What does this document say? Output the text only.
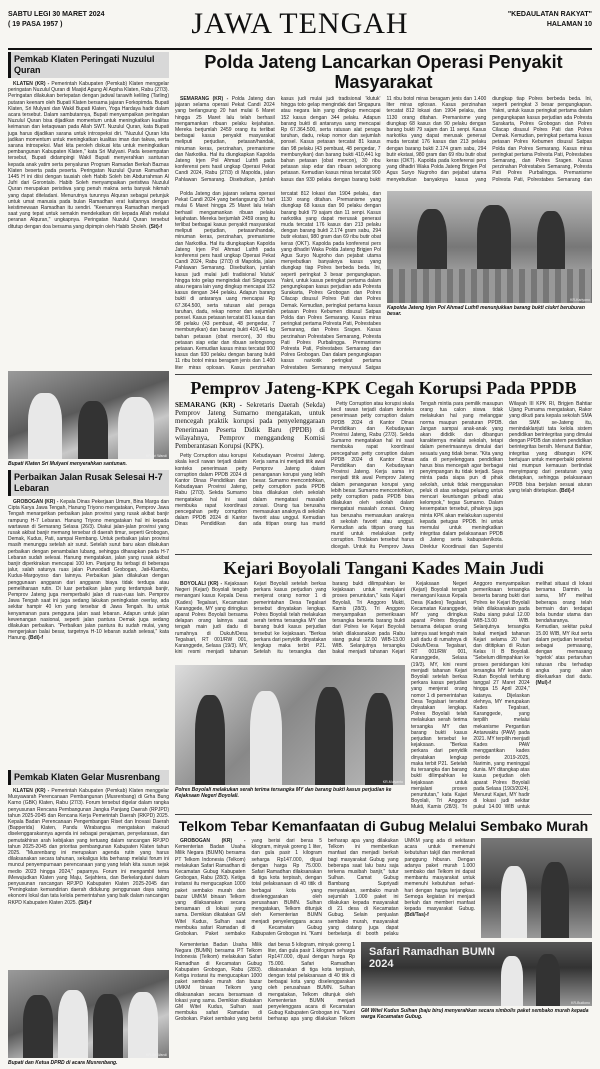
SABTU LEGI 30 MARET 2024
( 19 PASA 1957 )	JAWA TENGAH	"KEDAULATAN RAKYAT"
HALAMAN 10
Pemkab Klaten Peringati Nuzulul Quran

KLATEN (KR) - Pemerintah Kabupaten (Pemkab) Klaten menggelar peringatan Nuzulul Quran di Masjid Agung Al Aqsha Klaten, Rabu (27/3). Peringatan dilakukan bertepatan dengan jadwal tarawih keliling (Tarling) putaran keenam oleh Bupati Klaten bersama jajaran Forkopimda. Bupati Klaten, Sri Mulyani dan Wakil Bupati Klaten, Yoga Hardaya hadir dalam acara tersebut. Dalam sambutannya, Bupati menyampaikan peringatan Nuzulul Quran bisa dijadikan momentum untuk meningkatkan kualitas keimanan dan ketaqwaan pada Allah SWT. Nuzulul Quran, kata Bupati juga harus dijadikan sarana untuk introspeksi diri. "Nuzulul Quran kita jadikan momentum untuk meningkatkan kualitas iman dan takwa, serta sarana introspeksi. Mari kita peroleh diskusi kita untuk meningkatkan pembangunan Kabupaten Klaten," kata Sri Mulyani. Pada kesempatan tersebut, Bupati didampingi Wakil Bupati menyerahkan santunan kepada anak yatim serta penyaluran Program Ramadan Berkah Baznas Klaten beserta pada peserta. Peringatan Nuzulul Quran Ramadhan 1445 H ini diisi dengan tausiah oleh Habib Soleh bin Abdurrahman Al Jufri dari Gorontalo. Habib Soleh menyampaikan peristiwa Nuzulul Quran merupakan peristiwa yang penuh makna serta banyak hikmah yang dapat diteladani. Menurutnya turunnya Alquran sebagai petunjuk untuk umat manusia pada bulan Ramadhan erat kaitannya dengan keistimewaan Ramadhan itu sendiri. "Keenamnya Ramadhan menjadi saat yang tepat untuk semakin mendekatkan diri kepada Allah melalui peranan Alquran," ungkapnya. Peringatan Nuzulul Quran tersebut ditutup dengan doa bersama yang dipimpin oleh Habib Sholeh. (Sit)-f

KR-Sri Wandi
Bupati Klaten Sri Mulyani menyerahkan santunan.
Perbaikan Jalan Rusak Selesai H-7 Lebaran

GROBOGAN (KR) - Kepala Dinas Pekerjaan Umum, Bina Marga dan Cipta Karya Jawa Tengah, Hanung Triyono mengatakan, Pemprov Jawa Tengah menargetkan perbaikan jalan provinsi yang rusak akibat banjir rampung H-7 Lebaran. Hanung Triyono mengatakan hal ini kepada wartawan di Semarang Selasa (26/3). Diakui jalan-jalan provinsi yang rusak akibat banjir memang tersebar di daerah timur, seperti Grobogan, Demak, Kudus, Pati, sampai Rembang. Untuk perbaikan jalan provinsi masih menunggu setelah air surut. Setelah surut baru akan dilakukan perbaikan dengan penambalan lubang, sehingga diharapkan pada H-7 Lebaran sudah selesai. Hanung mengatakan, jalan yang rusak akibat banjir diperkirakan mencapai 100 km. Panjang itu terbagi di beberapa jalur, salah satunya ruas jalan Purwodadi Grobogan, Jati-Klambu, Kudus-Margoyoso dan lainnya. Perbaikan jalan dilakukan dengan penggunaan anggaran dari anggaran biaya tidak terduga atau pemeliharaan rutin. Di luar perbaikan jalan yang terdampak banjir, Pemprov Jateng juga memperbaiki jalan di ruas-ruas lain. Pemprov Jawa Tengah saat ini juga sedang lakukan peningkatan overlay, ada sekitar hampir 40 km yang tersebar di Jawa Tengah. Itu untuk kenyamanan para pengguna jalan saat lebaran. Adapun untuk jalan kewenangan nasional, seperti jalan pantura Demak juga sedang dilakukan perbaikan. "Perbaikan jalan pantura itu sudah mulai, yang mengerjakan balai besar, targetnya H-10 lebaran sudah selesai," kata Hanung. (Bdi)-f

Pemkab Klaten Gelar Musrenbang

KLATEN (KR) - Pemerintah Kabupaten (Pemkab) Klaten menggelar Musyawarah Perencanaan Pembangunan (Musrenbang) di Grha Bung Karno (GBK) Klaten, Rabu (27/3). Forum tersebut digelar dalam rangka penyusunan Rencana Pembangunan Jangka Panjang Daerah (RPJPD) tahun 2025-2045 dan Rencana Kerja Pemerintah Daerah (RKPD) 2025. Kepala Badan Perencanaan Pengembangan Riset dan Inovasi Daerah (Bapperida) Klaten, Pandu Wirabangsa mengatakan maksud diselenggarakannya agenda ini sebagai penajaman, penyelarasan, dan pemutakhiran arah kebijakan yang tertuang dalam rancangan RPJPD tahun 2025-2045 dan prioritas pembangunan Kabupaten Klaten tahun 2025. "Musrenbang ini merupakan agenda rutin yang harus dilaksanakan secara tahunan, sekaligus kita berharap melalui forum ini muncul penyempurnaan perencanaan yang yang telah kita susun sejak medio 2023 hingga 2024," paparnya. Forum ini mengambil tema iMewujudkan Klaten yang Maju, Sejahtera, dan Berkelanjutani dalam penyusunan rancangan RPJPD Kabupaten Klaten 2025-2045 dan "Peningkatan kemandirian daerah didukung penggunaan daya saing ekonomi lokal dan tata kelola pemerintahan yang baik dalam rancangan RKPD Kabupaten Klaten 2025. (Sit)-f

KR-Sri Wandi
Bupati dan Ketua DPRD di acara Musrenbang.
Polda Jateng Lancarkan Operasi Penyakit Masyarakat

SEMARANG (KR) - Polda Jateng dan jajaran selama operasi Pekat Candi 2024 yang berlangsung 20 hari mulai 6 Maret hingga 25 Maret lalu telah berhasil mengamankan ribuan pelaku kejahatan. Mereka berjumlah 2459 orang itu terlibat berbagai kasus penyakit masyarakat meliputi perjudian, petasan/handak, minuman keras, perzinahan, premanisme dan Narkotika. Hal itu diungkapkan Kapolda Jateng Irjen Pol Ahmad Luthfi pada konferensi pers hasil ungkap Operasi Pekat Candi 2024, Rabu (27/3) di Mapolda, jalan Pahlawan Semarang. Disebutkan, jumlah kasus judi mulai judi tradisional 'klutuk' hingga toto gelap mengindak dari Singapura atau negara lain yang dingkup mencapai 152 kasus dengan 344 pelaku. Adapun barang bukti di antaranya uang mencapai Rp 67.364.500, serta ratusan alat peraga taruhan, dadu, rekap nomor dan sejumlah ponsel. Kasus petasan tercatat 81 kasus dan 98 pelaku (43 pembuat, 48 pengedar, 7 membunyikan) dan barang bukti 410,441 kg bahan petasan (obat mercon), 30 ribu petasan siap edar dan ribuan selongsong petasan. Kemudian kasus miras tercatat 900 kasus dan 930 pelaku dengan barang bukti 11 ribu botol miras beragam jenis dan 1.400 liter miras oplosan. Kasus perzinahan tercatat 812 lokasi dan 1904 pelaku, dan 1130 orang ditahan. Premanisme yang diungkap 68 kasus dan 90 pelaku dengan barang bukti 79 sajam dan 11 senpi. Kasus narkotika yang dapat merusak generasi muda tercatat 176 kasus dan 213 pelaku dengan barang bukti 2.174 gram sabu, 294 butir ekstasi, 980 gram dan 69 ribu butir obat keras (OKT). Kapolda pada konferensi pers yang dihadiri Waka Polda Jateng Brigjen Pol Agus Suryo Nugroho dan pejabat utama menyebutkan banyaknya kasus yang diungkap tiap Polres berbeda beda. Ini, seperti peringkat 3 besar pengungkapan. Yakni, untuk kasus peringkat pertama dalam pengungkapan kasus perjudian ada Polresta Surakarta, Polres Grobogan dan Polres Cilacap disusul Polres Pati dan Polres Demak. Kemudian, peringkat pertama kasus petasan Polres Kebumen disusul Satpas Polda dan Polres Semarang. Kasus miras peringkat pertama Polresta Pati, Polrestabes Semarang, dan Polres Sragen. Kasus perzinahan Polrestabes Semarang, Polresta Pati Polres Purbalingga. Premanisme Polresta Pati, Polrestabes Semarang dan

Polda Jateng dan jajaran selama operasi Pekat Candi 2024 yang berlangsung 20 hari mulai 6 Maret hingga 25 Maret lalu telah berhasil mengamankan ribuan pelaku kejahatan. Mereka berjumlah 2459 orang itu terlibat berbagai kasus penyakit masyarakat meliputi perjudian, petasan/handak, minuman keras, perzinahan, premanisme dan Narkotika. Hal itu diungkapkan Kapolda Jateng Irjen Pol Ahmad Luthfi pada konferensi pers hasil ungkap Operasi Pekat Candi 2024, Rabu (27/3) di Mapolda, jalan Pahlawan Semarang. Disebutkan, jumlah kasus judi mulai judi tradisional 'klutuk' hingga toto gelap mengindak dari Singapura atau negara lain yang dingkup mencapai 152 kasus dengan 344 pelaku. Adapun barang bukti di antaranya uang mencapai Rp 67.364.500, serta ratusan alat peraga taruhan, dadu, rekap nomor dan sejumlah ponsel. Kasus petasan tercatat 81 kasus dan 98 pelaku (43 pembuat, 48 pengedar, 7 membunyikan) dan barang bukti 410,441 kg bahan petasan (obat mercon), 30 ribu petasan siap edar dan ribuan selongsong petasan. Kemudian kasus miras tercatat 900 kasus dan 930 pelaku dengan barang bukti 11 ribu botol miras beragam jenis dan 1.400 liter miras oplosan. Kasus perzinahan tercatat 812 lokasi dan 1904 pelaku, dan 1130 orang ditahan. Premanisme yang diungkap 68 kasus dan 90 pelaku dengan barang bukti 79 sajam dan 11 senpi. Kasus narkotika yang dapat merusak generasi muda tercatat 176 kasus dan 213 pelaku dengan barang bukti 2.174 gram sabu, 294 butir ekstasi, 980 gram dan 69 ribu butir obat keras (OKT). Kapolda pada konferensi pers yang dihadiri Waka Polda Jateng Brigjen Pol Agus Suryo Nugroho dan pejabat utama menyebutkan banyaknya kasus yang diungkap tiap Polres berbeda beda. Ini, seperti peringkat 3 besar pengungkapan. Yakni, untuk kasus peringkat pertama dalam pengungkapan kasus perjudian ada Polresta Surakarta, Polres Grobogan dan Polres Cilacap disusul Polres Pati dan Polres Demak. Kemudian, peringkat pertama kasus petasan Polres Kebumen disusul Satpas Polda dan Polres Semarang. Kasus miras peringkat pertama Polresta Pati, Polrestabes Semarang, dan Polres Sragen. Kasus perzinahan Polrestabes Semarang, Polresta Pati Polres Purbalingga. Premanisme Polresta Pati, Polrestabes Semarang dan Polres Grobogan. Dan dalam pengungkapan kasus narkotik peringkat pertama Polrestabes Semarang menyusul Satgas

KR-Kariyono
Kapolda Jateng Irjen Pol Ahmad Luthfi menunjukkan barang bukti ciukrt beruburan besar.
Pemprov Jateng-KPK Cegah Korupsi Pada PPDB
SEMARANG (KR) - Sekretaris Daerah (Sekda) Pemprov Jateng Sumarno mengatakan, untuk mencegah praktik korupsi pada penyelenggaraan Penerimaan Peserta Didik Baru (PPDB) di wilayahnya, Pemprov menggandeng Komisi Pemberantasan Korupsi (KPK).

Petty Corruption atau korupsi skala kecil rawan terjadi dalam konteks penerimaan petty corruption dalam PPDB 2024 di Kantor Dinas Pendidikan dan Kebudayaan Provinsi Jateng, Rabu (27/3). Sekda Sumarno mengatakan hal ini saat membuka rapat koordinasi pencegahan petty corruption dalam PPDB 2024 di Kantor Dinas Pendidikan dan Kebudayaan Provinsi Jateng. Kerja sama ini menjadi titik awal Pemprov Jateng dalam penanganan korupsi yang lebih besar. Sumarno mencontohkan, petty corruption pada PPDB bisa dilakukan oleh sekolah dalam mengatasi masalah zonasi. Orang tua berusaha memasukan anaknya di sekolah favorit atau unggul. Kemudian ada titipan orang tua murid

Petty Corruption atau korupsi skala kecil rawan terjadi dalam konteks penerimaan petty corruption dalam PPDB 2024 di Kantor Dinas Pendidikan dan Kebudayaan Provinsi Jateng, Rabu (27/3). Sekda Sumarno mengatakan hal ini saat membuka rapat koordinasi pencegahan petty corruption dalam PPDB 2024 di Kantor Dinas Pendidikan dan Kebudayaan Provinsi Jateng. Kerja sama ini menjadi titik awal Pemprov Jateng dalam penanganan korupsi yang lebih besar. Sumarno mencontohkan, petty corruption pada PPDB bisa dilakukan oleh sekolah dalam mengatasi masalah zonasi. Orang tua berusaha memasukan anaknya di sekolah favorit atau unggul. Kemudian ada titipan orang tua murid untuk melakukan petty corruption. Tindakan tersebut harus dicegah. Untuk itu Pemprov Jawa Tengah mintia para pemilik masupun orang tua calon siswa tidak melakukan hal yang melanggar norma maupun peraturan PPDB. Jangan sampai anak-anak yang akan dididik dan dibangun karakternya melalui sekolah, tetapi dalam penerimaannya dimulai dari sesuatu yang tidak benar. "Kita yang ada di penyelenggara pendidikan harus bisa mencegah agar berbagai penyimpangan itu tidak terjadi. Saya minta pada siapa pun di pihak sekolah, untuk tidak menggunakan peluk di atas sebagai peluang untuk mencari keuntungan pribadi atau kelompok," tegas Sumarno. Dalam kesempatan tersebut, pihaknya juga minta KPK akan melakukan supervisi kepada petugas PPDB. Ini untuk memulai untuk meningkatkan integritas dalam pelaksanaan PPDB di Jateng serta kabupaten/kota. Direktur Koordinasi dan Supervisi Wilayah III KPK RI, Brigjen Bahtiar Ujang Purnama mengatakan, Rakor yang dikuti para kepala sekolah SMA dan SMK se-Jateng itu, menindaklanjuti tata kelola sistem pendidikan berintegritas yang dimulai dengan PPDB dan sistem pendidikan berintegritas bersih. Menurut Bahtiar, integritas yang dibangun KPK bertujuan untuk memperbaiki potensi niat mumpun kemauan bertindak menyimpang dari peraturan yang ditetapkan, sehingga pelaksanaan PPDB bisa berjalan sesuai aturan yang telah ditetapkan. (Bdi)-f

Kejari Boyolali Tangani Kades Main Judi

BOYOLALI (KR) - Kejaksaan Negeri (Kejari) Boyolali tengah menangani kasus Kepala Desa (Kades) Tegalsari, Kecamatan Karanggede, MY yang diringkus aparat Polres Boyolali bersama delapan orang lainnya saat tengah main judi dadu di rumahnya di Dukuh/Desa Tegalsari, RT 001/RW 001, Karanggede, Selasa (19/3). MY, kini resmi menjadi tahanan Kejari Boyolali setelah berkas perkara kasus perjudian yang menjerat orang nomor 1 di pemerintahan Desa Tegalsari tersebut dinyatakan lengkap. Polres Boyolali telah melakukan serah terima tersangka MY dan barang bukti kasus perjudian tersebut ke kejaksaan. "Berkas perkara dari penyidik dinyatakan lengkap maka terbit P21. Setelah itu tersangka dan barang bukti dilimpahkan ke kejaksaan untuk menjalani proses penuntutan," kata Kajari Boyolali, Tri Anggoro Mukti, Kamis (28/3). Tri Anggoro menyampaikan pemeriksaan tersangka beserta barang bukti dari Polres ke Kejari Boyolali telah dilaksanakan pada Rabu siang pukul 12.00 WIB-13.00 WIB. Selanjutnya tersangka bakal menjadi tahanan Kejari

KR-Mulyanto
Polres Boyolali melakukan serah terima tersangka MY dan barang bukti kasus perjudian ke Kejaksaan Negeri Boyolali.

Kejaksaan Negeri (Kejari) Boyolali tengah menangani kasus Kepala Desa (Kades) Tegalsari, Kecamatan Karanggede, MY yang diringkus aparat Polres Boyolali bersama delapan orang lainnya saat tengah main judi dadu di rumahnya di Dukuh/Desa Tegalsari, RT 001/RW 001, Karanggede, Selasa (19/3). MY, kini resmi menjadi tahanan Kejari Boyolali setelah berkas perkara kasus perjudian yang menjerat orang nomor 1 di pemerintahan Desa Tegalsari tersebut dinyatakan lengkap. Polres Boyolali telah melakukan serah terima tersangka MY dan barang bukti kasus perjudian tersebut ke kejaksaan. "Berkas perkara dari penyidik dinyatakan lengkap maka terbit P21. Setelah itu tersangka dan barang bukti dilimpahkan ke kejaksaan untuk menjalani proses penuntutan," kata Kajari Boyolali, Tri Anggoro Mukti, Kamis (28/3). Tri Anggoro menyampaikan pemeriksaan tersangka beserta barang bukti dari Polres ke Kejari Boyolali telah dilaksanakan pada Rabu siang pukul 12.00 WIB-13.00 WIB. Selanjutnya tersangka bakal menjadi tahanan Kejari selama 20 hari dan dititipkan di Rutan Kelas II B Boyolali. "Sebelum dilimpahkan ke proses persidangan kini tersangka MY ketuda di Rutan Boyolali terhitung tanggal 27 Maret 2024 hingga 15 April 2024," katanya. Dijelaskan olehnya, MY merupakan Kades Tegalsari, Karanggede, yang terpilih melalui mekanisme Pergantian Antarwaktu (PAW) pada 2021. MY terpilih menjadi Kades PAW menggantikan kades periode 2019-2025, Narimin, yang meninggal dunia. MY ditangkap atas kasus perjudian oleh aparat Polres Boyolali pada Selasa (19/3/2024). Menurut Kajari, MY hadir di lokasi judi sekitar pukul 14.00 WIB untuk melihat situasi di lokasi bersama Darmin. Ia sama, MY melihat beberapa orang telah bermain dan terdapat bola bundar utama dan bendaharanya. Kemudian, sekitar pukul 15.00 WIB, MY ikut serta dalam perjudian tersebut sebagai pemasang, dengan memasang 'ngetok' atas pertaruhan ratusan ribu terhadap angka yang akan dikeluarkan dari dadu. (Mul)-f

Telkom Tebar Kemanfaatan di Gubug Melalui Sembako Murah

GROBOGAN (KR) - Kementerian Badan Usaha Milik Negara (BUMN) bersama PT Telkom Indonesia (Telkom) melakukan Safari Ramadhan di Kecamatan Gubug Kabupaten Grobogan, Rabu (28/3). Ketiga instansi itu mengucapkan 1000 paket sembako murah dan bazar UMKM binaan Telkom yang dilaksanakan secara bersamaan di lokasi yang sama. Demikian dikatakan GM Witel Kudus, Sulhan saat membuka safari Ramadan di Grobokan. Paket sembako yang berisi dari beras 5 kilogram, minyak goreng 1 liter, dan gula pasir 1 kilogram seharga Rp147.000, dijual dengan harga Rp 75.000. Safari Ramadhan dilaksanakan di tiga kota terpisah, dengan total pelaksanaan di 40 titik di berbagai kota yang diselenggarakan oleh perusahaan BUMN. Sulhan mengatakan, Telkom ditunjuk oleh Kementerian BUMN menjadi penyelenggara acara di Kecamatan Gubug Kabupaten Grobogan ini. "Kami berharap apa yang dilakukan Telkom ini memberikan manfaat dan menjadi berkah bagi masyarakat Gubug yang beberapa saat lalu baru saja terkena musibah banjir," tutur Sulhan. Camat Gubug Bambang Supriyadi menyatakan, sembako murah sejumlah 1.000 paket ini dilakukan kepada masyarakat di 21 desa di Kecamatan Gubug. Selain penjualan sembako murah, masyarakat yang datang juga dapat berbelanja di booth pelaku UMKM yang ada di sekitaran acara untuk memenuhi kebutuhan takjil dan menikmati panggung hiburan. Dengan adanya paket murah 1.000 sembako dari Telkom ini dapat membantu masyarakat untuk memenuhi kebutuhan sehari-hari dengan harga terjangkau. Semoga kegiatan ini menjadi berkah dan memberi manfaat kepada masyarakat Gubug. (Bdi/Tas)-f

Kementerian Badan Usaha Milik Negara (BUMN) bersama PT Telkom Indonesia (Telkom) melakukan Safari Ramadhan di Kecamatan Gubug Kabupaten Grobogan, Rabu (28/3). Ketiga instansi itu mengucapkan 1000 paket sembako murah dan bazar UMKM binaan Telkom yang dilaksanakan secara bersamaan di lokasi yang sama. Demikian dikatakan GM Witel Kudus, Sulhan saat membuka safari Ramadan di Grobokan. Paket sembako yang berisi dari beras 5 kilogram, minyak goreng 1 liter, dan gula pasir 1 kilogram seharga Rp147.000, dijual dengan harga Rp 75.000. Safari Ramadhan dilaksanakan di tiga kota terpisah, dengan total pelaksanaan di 40 titik di berbagai kota yang diselenggarakan oleh perusahaan BUMN. Sulhan mengatakan, Telkom ditunjuk oleh Kementerian BUMN menjadi penyelenggara acara di Kecamatan Gubug Kabupaten Grobogan ini. "Kami berharap apa yang dilakukan Telkom

Safari Ramadhan BUMN 2024
KR-Budiono
GM Witel Kudus Sulhan (baju biru) menyerahkan secara simbolis paket sembako murah kepada warga Kecamatan Gubug.
